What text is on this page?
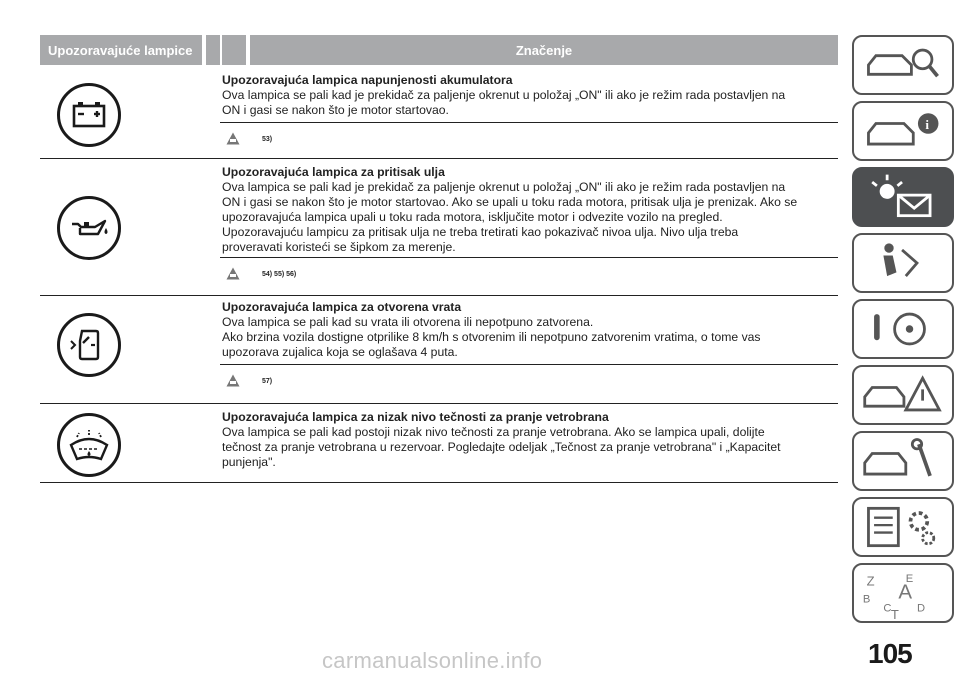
Upozoravajuće lampice	Značenje
Upozoravajuća lampica napunjenosti akumulatora
Ova lampica se pali kad je prekidač za paljenje okrenut u položaj „ON" ili ako je režim rada postavljen na ON i gasi se nakon što je motor startovao.
53)
Upozoravajuća lampica za pritisak ulja
Ova lampica se pali kad je prekidač za paljenje okrenut u položaj „ON" ili ako je režim rada postavljen na ON i gasi se nakon što je motor startovao. Ako se upali u toku rada motora, pritisak ulja je prenizak. Ako se upozoravajuća lampica upali u toku rada motora, isključite motor i odvezite vozilo na pregled. Upozoravajuću lampicu za pritisak ulja ne treba tretirati kao pokazivač nivoa ulja. Nivo ulja treba proveravati koristeći se šipkom za merenje.
54) 55) 56)
Upozoravajuća lampica za otvorena vrata
Ova lampica se pali kad su vrata ili otvorena ili nepotpuno zatvorena.
Ako brzina vozila dostigne otprilike 8 km/h s otvorenim ili nepotpuno zatvorenim vratima, o tome vas upozorava zujalica koja se oglašava 4 puta.
57)
Upozoravajuća lampica za nizak nivo tečnosti za pranje vetrobrana
Ova lampica se pali kad postoji nizak nivo tečnosti za pranje vetrobrana. Ako se lampica upali, dolijte tečnost za pranje vetrobrana u rezervoar. Pogledajte odeljak „Tečnost za pranje vetrobrana" i „Kapacitet punjenja".
i
Z	E
B A
C D
T
105
carmanualsonline.info
